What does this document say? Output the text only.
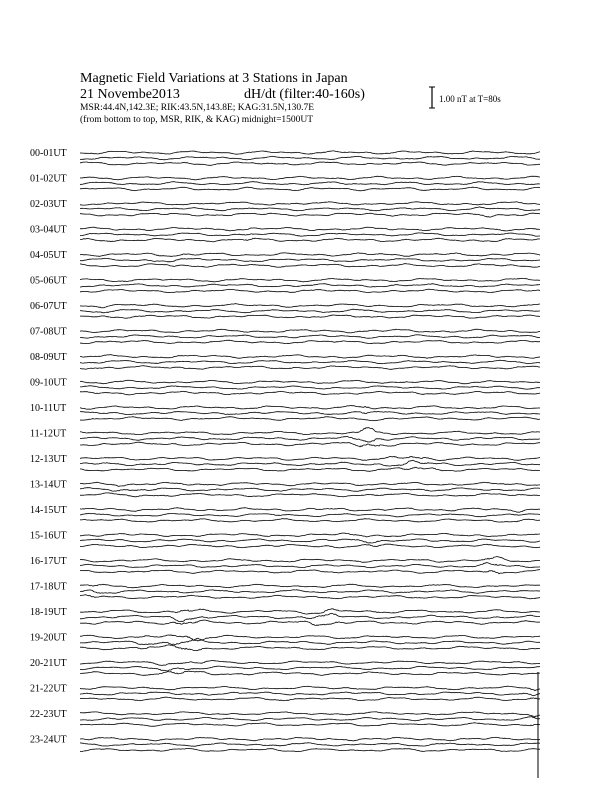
Magnetic Field Variations at 3 Stations in Japan
21 Novembe2013	dH/dt (filter:40-160s)
MSR:44.4N,142.3E; RIK:43.5N,143.8E; KAG:31.5N,130.7E
(from bottom to top, MSR, RIK, & KAG) midnight=1500UT
1.00 nT at T=80s
00-01UT
01-02UT
02-03UT
03-04UT
04-05UT
05-06UT
06-07UT
07-08UT
08-09UT
09-10UT
10-11UT
11-12UT
12-13UT
13-14UT
14-15UT
15-16UT
16-17UT
17-18UT
18-19UT
19-20UT
20-21UT
21-22UT
22-23UT
23-24UT
